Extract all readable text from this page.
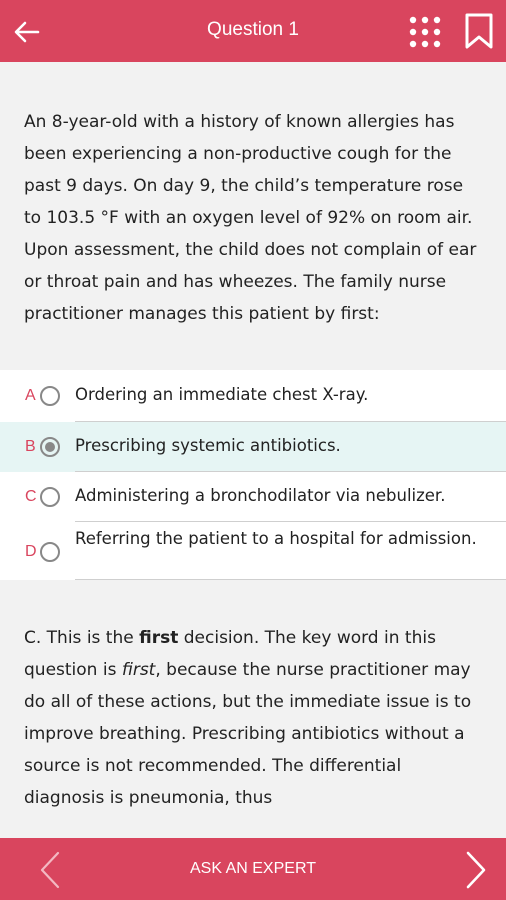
Question 1
An 8-year-old with a history of known allergies has been experiencing a non-productive cough for the past 9 days. On day 9, the child’s temperature rose to 103.5 °F with an oxygen level of 92% on room air. Upon assessment, the child does not complain of ear or throat pain and has wheezes. The family nurse practitioner manages this patient by first:
A Ordering an immediate chest X-ray.
B Prescribing systemic antibiotics.
C Administering a bronchodilator via nebulizer.
D
Referring the patient to a hospital for admission.
C. This is the first decision. The key word in this question is first, because the nurse practitioner may do all of these actions, but the immediate issue is to improve breathing. Prescribing antibiotics without a source is not recommended. The differential diagnosis is pneumonia, thus
ASK AN EXPERT
